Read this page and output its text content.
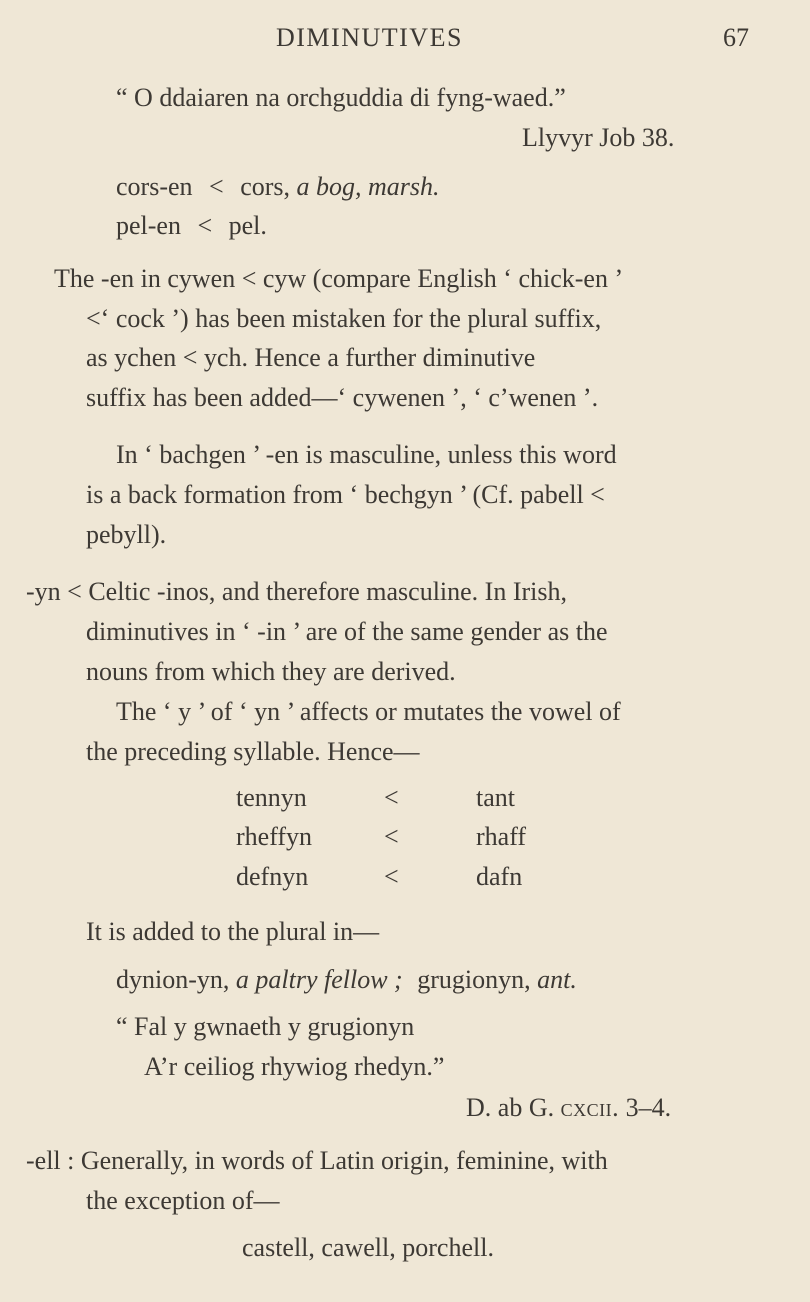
DIMINUTIVES	67
“ O ddaiaren na orchguddia di fyng-waed.”
Llyvyr Job 38.
cors-en < cors, a bog, marsh.
pel-en < pel.
The -en in cywen < cyw (compare English ‘ chick-en ’
<‘ cock ’) has been mistaken for the plural suffix,
as ychen < ych. Hence a further diminutive
suffix has been added—‘ cywenen ’, ‘ c’wenen ’.
In ‘ bachgen ’ -en is masculine, unless this word
is a back formation from ‘ bechgyn ’ (Cf. pabell <
pebyll).
-yn < Celtic -inos, and therefore masculine. In Irish,
diminutives in ‘ -in ’ are of the same gender as the
nouns from which they are derived.
The ‘ y ’ of ‘ yn ’ affects or mutates the vowel of
the preceding syllable. Hence—
tennyn	<	tant
rheffyn	<	rhaff
defnyn	<	dafn
It is added to the plural in—
dynion-yn, a paltry fellow ; grugionyn, ant.
“ Fal y gwnaeth y grugionyn
A’r ceiliog rhywiog rhedyn.”
D. ab G. cxcii. 3–4.
-ell : Generally, in words of Latin origin, feminine, with
the exception of—
castell, cawell, porchell.
